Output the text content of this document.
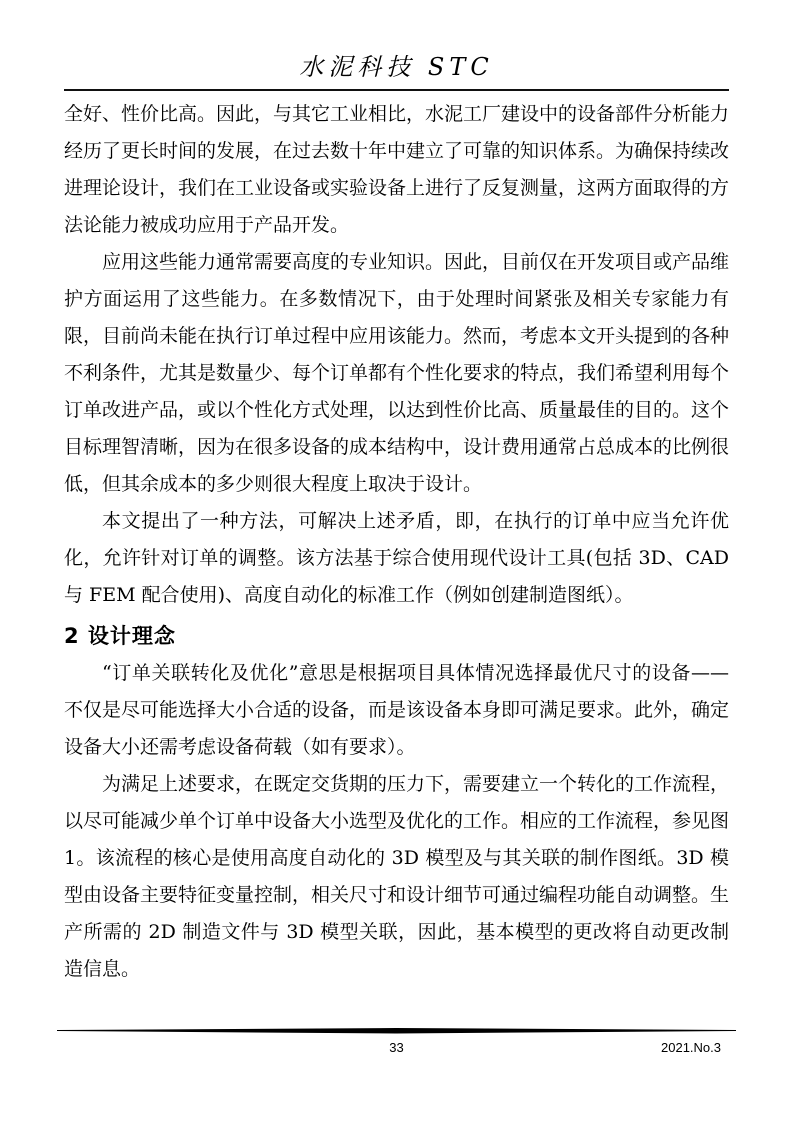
水泥科技 STC

全好、性价比高。因此，与其它工业相比，水泥工厂建设中的设备部件分析能力经历了更长时间的发展，在过去数十年中建立了可靠的知识体系。为确保持续改进理论设计，我们在工业设备或实验设备上进行了反复测量，这两方面取得的方法论能力被成功应用于产品开发。

应用这些能力通常需要高度的专业知识。因此，目前仅在开发项目或产品维护方面运用了这些能力。在多数情况下，由于处理时间紧张及相关专家能力有限，目前尚未能在执行订单过程中应用该能力。然而，考虑本文开头提到的各种不利条件，尤其是数量少、每个订单都有个性化要求的特点，我们希望利用每个订单改进产品，或以个性化方式处理，以达到性价比高、质量最佳的目的。这个目标理智清晰，因为在很多设备的成本结构中，设计费用通常占总成本的比例很低，但其余成本的多少则很大程度上取决于设计。

本文提出了一种方法，可解决上述矛盾，即，在执行的订单中应当允许优化，允许针对订单的调整。该方法基于综合使用现代设计工具(包括 3D、CAD 与 FEM 配合使用)、高度自动化的标准工作（例如创建制造图纸）。

2 设计理念

“订单关联转化及优化”意思是根据项目具体情况选择最优尺寸的设备——不仅是尽可能选择大小合适的设备，而是该设备本身即可满足要求。此外，确定设备大小还需考虑设备荷载（如有要求）。

为满足上述要求，在既定交货期的压力下，需要建立一个转化的工作流程，以尽可能减少单个订单中设备大小选型及优化的工作。相应的工作流程，参见图 1。该流程的核心是使用高度自动化的 3D 模型及与其关联的制作图纸。3D 模型由设备主要特征变量控制，相关尺寸和设计细节可通过编程功能自动调整。生产所需的 2D 制造文件与 3D 模型关联，因此，基本模型的更改将自动更改制造信息。

33	2021.No.3
